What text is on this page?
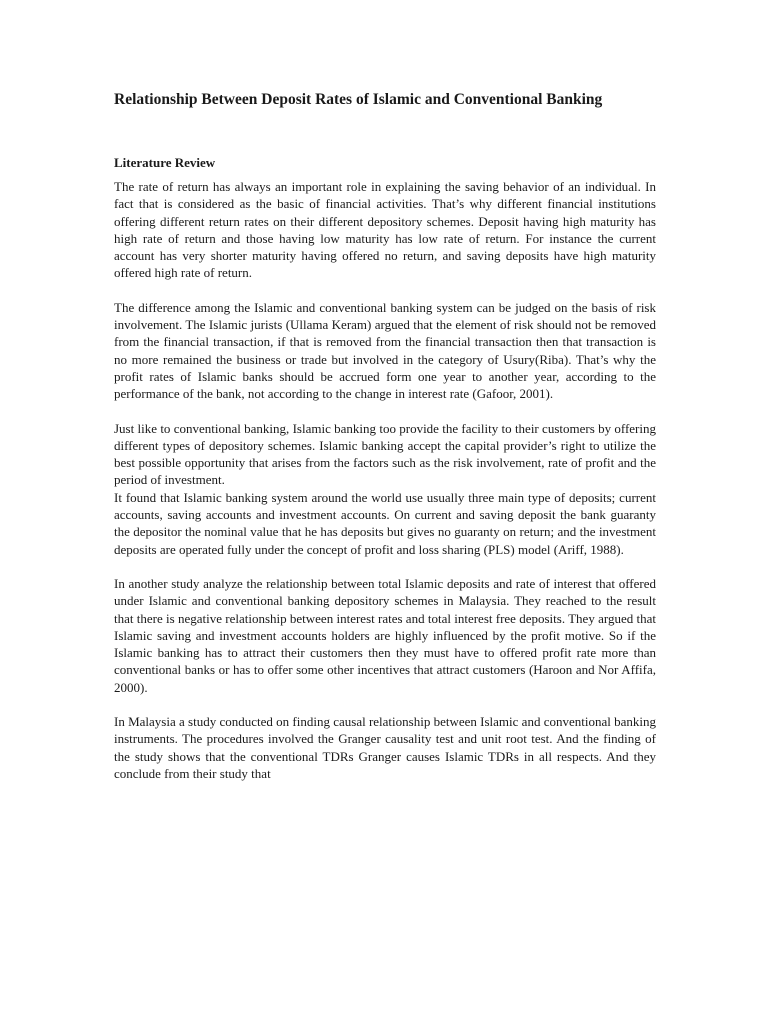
Relationship Between Deposit Rates of Islamic and Conventional Banking
Literature Review

The rate of return has always an important role in explaining the saving behavior of an individual. In fact that is considered as the basic of financial activities. That’s why different financial institutions offering different return rates on their different depository schemes. Deposit having high maturity has high rate of return and those having low maturity has low rate of return. For instance the current account has very shorter maturity having offered no return, and saving deposits have high maturity offered high rate of return.

The difference among the Islamic and conventional banking system can be judged on the basis of risk involvement. The Islamic jurists (Ullama Keram) argued that the element of risk should not be removed from the financial transaction, if that is removed from the financial transaction then that transaction is no more remained the business or trade but involved in the category of Usury(Riba). That’s why the profit rates of Islamic banks should be accrued form one year to another year, according to the performance of the bank, not according to the change in interest rate (Gafoor, 2001).

Just like to conventional banking, Islamic banking too provide the facility to their customers by offering different types of depository schemes. Islamic banking accept the capital provider’s right to utilize the best possible opportunity that arises from the factors such as the risk involvement, rate of profit and the period of investment.

It found that Islamic banking system around the world use usually three main type of deposits; current accounts, saving accounts and investment accounts. On current and saving deposit the bank guaranty the depositor the nominal value that he has deposits but gives no guaranty on return; and the investment deposits are operated fully under the concept of profit and loss sharing (PLS) model (Ariff, 1988).

In another study analyze the relationship between total Islamic deposits and rate of interest that offered under Islamic and conventional banking depository schemes in Malaysia. They reached to the result that there is negative relationship between interest rates and total interest free deposits. They argued that Islamic saving and investment accounts holders are highly influenced by the profit motive. So if the Islamic banking has to attract their customers then they must have to offered profit rate more than conventional banks or has to offer some other incentives that attract customers (Haroon and Nor Affifa, 2000).

In Malaysia a study conducted on finding causal relationship between Islamic and conventional banking instruments. The procedures involved the Granger causality test and unit root test. And the finding of the study shows that the conventional TDRs Granger causes Islamic TDRs in all respects. And they conclude from their study that
